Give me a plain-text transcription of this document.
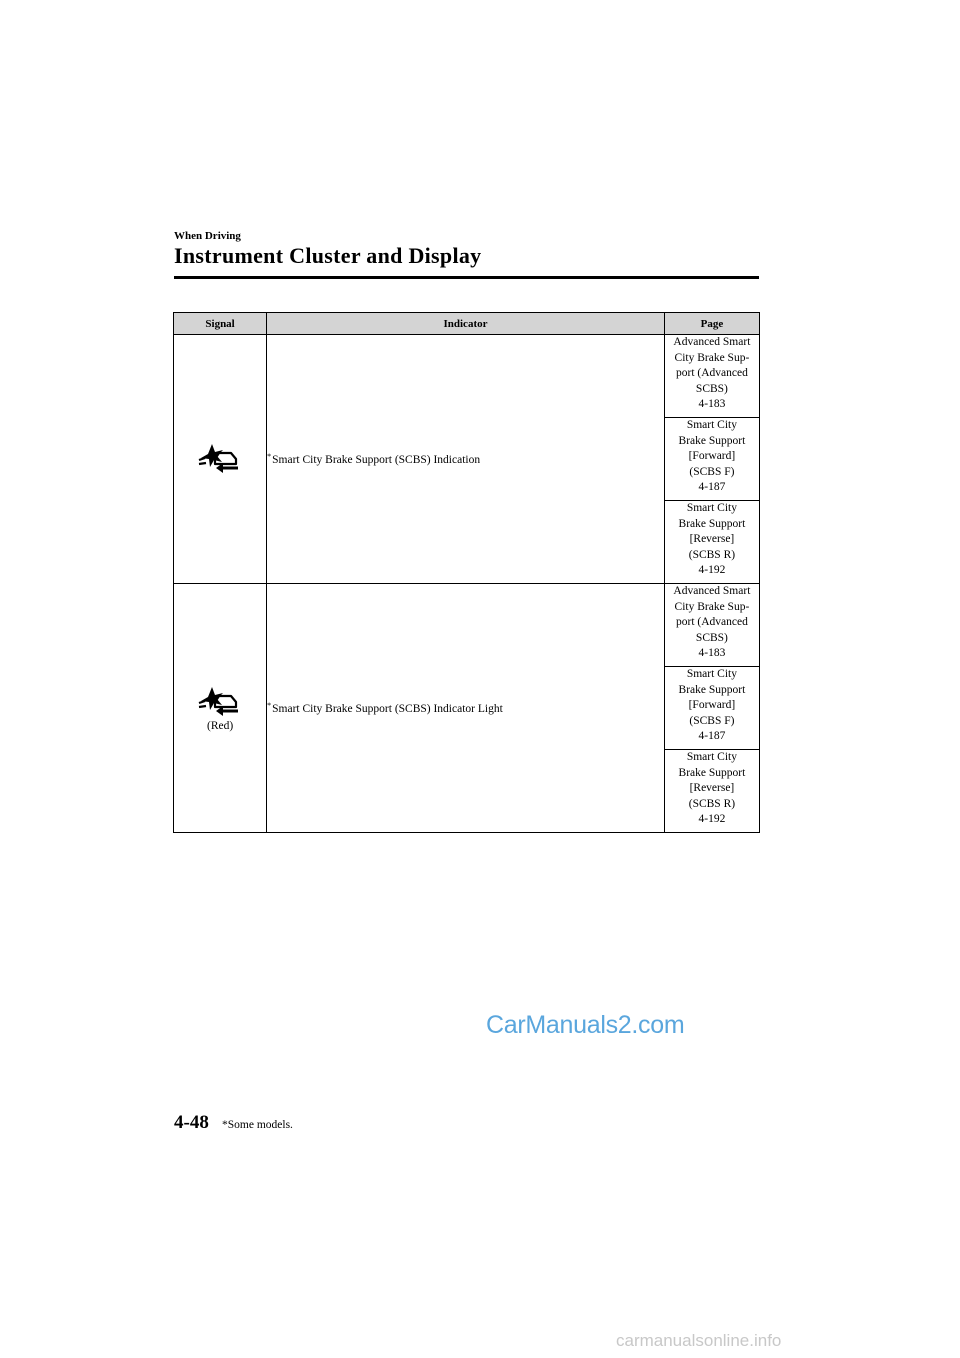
When Driving
Instrument Cluster and Display
Signal	Indicator	Page

	*Smart City Brake Support (SCBS) Indication	Advanced Smart
City Brake Sup-
port (Advanced
SCBS)
4-183

		Smart City
Brake Support
[Forward]
(SCBS F)
4-187

		Smart City
Brake Support
[Reverse]
(SCBS R)
4-192

(Red)	*Smart City Brake Support (SCBS) Indicator Light	Advanced Smart
City Brake Sup-
port (Advanced
SCBS)
4-183

		Smart City
Brake Support
[Forward]
(SCBS F)
4-187

		Smart City
Brake Support
[Reverse]
(SCBS R)
4-192
CarManuals2.com
4-48 *Some models.
carmanualsonline.info
